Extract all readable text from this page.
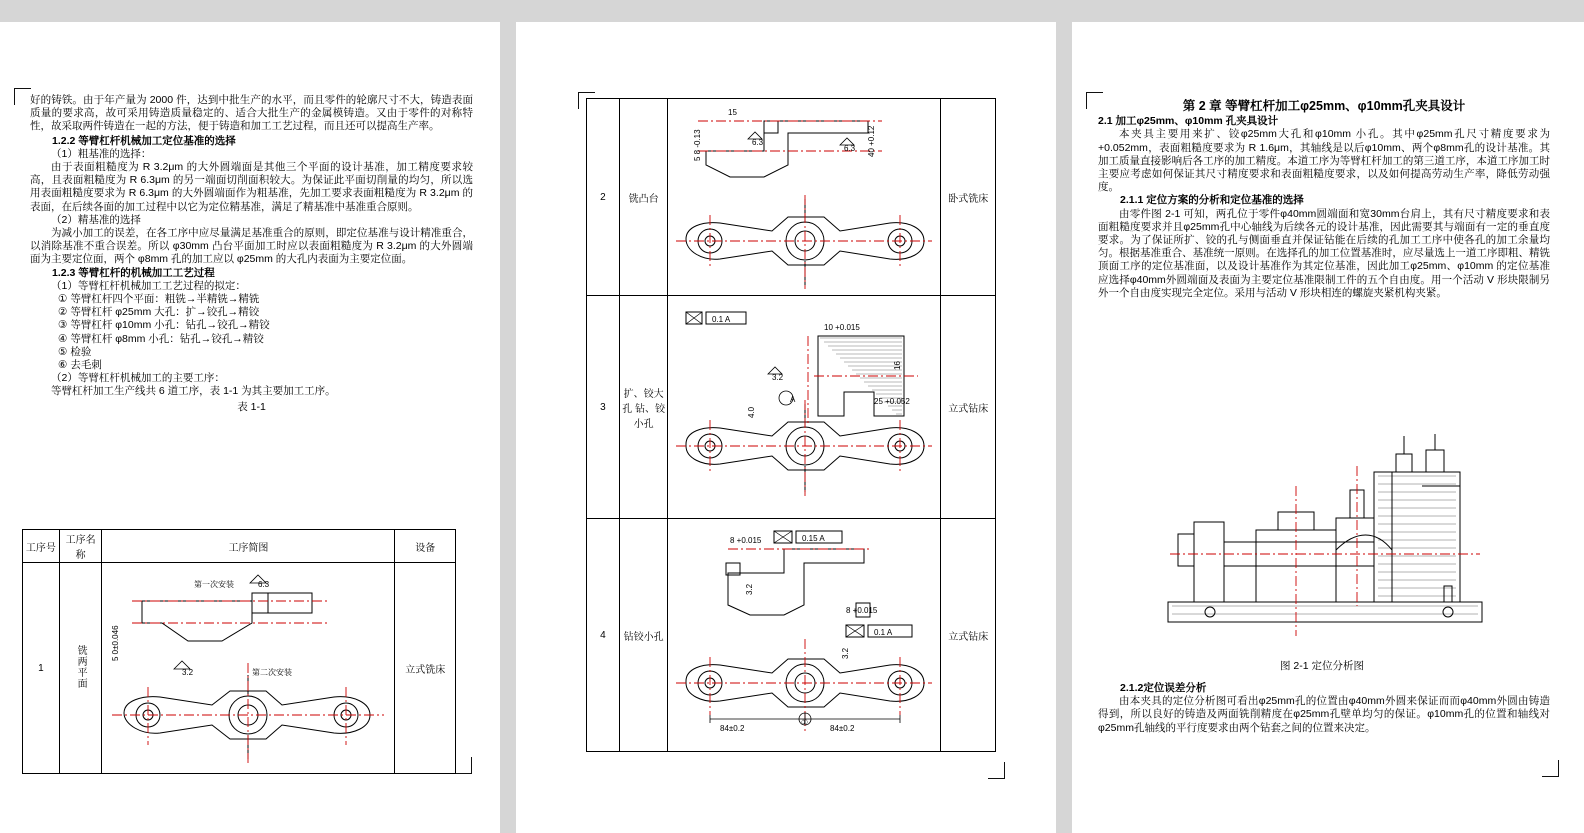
好的铸铁。由于年产量为 2000 件，达到中批生产的水平，而且零件的轮廓尺寸不大，铸造表面质量的要求高，故可采用铸造质量稳定的、适合大批生产的金属模铸造。又由于零件的对称特性，故采取两件铸造在一起的方法，便于铸造和加工工艺过程，而且还可以提高生产率。
1.2.2 等臂杠杆机械加工定位基准的选择
（1）粗基准的选择：
由于表面粗糙度为 R 3.2μm 的大外圆端面是其他三个平面的设计基准，加工精度要求较高，且表面粗糙度为 R 6.3μm 的另一端面切削面积较大。为保证此平面切削量的均匀，所以选用表面粗糙度要求为 R 6.3μm 的大外圆端面作为粗基准，先加工要求表面粗糙度为 R 3.2μm 的表面，在后续各面的加工过程中以它为定位精基准，满足了精基准中基准重合原则。
（2）精基准的选择
为减小加工的误差，在各工序中应尽量满足基准重合的原则，即定位基准与设计精准重合，以消除基准不重合误差。所以 φ30mm 凸台平面加工时应以表面粗糙度为 R 3.2μm 的大外圆端面为主要定位面，两个 φ8mm 孔的加工应以 φ25mm 的大孔内表面为主要定位面。
1.2.3 等臂杠杆的机械加工工艺过程
（1）等臂杠杆机械加工工艺过程的拟定：
① 等臂杠杆四个平面：粗铣→半精铣→精铣
② 等臂杠杆 φ25mm 大孔：扩→铰孔→精铰
③ 等臂杠杆 φ10mm 小孔：钻孔→铰孔→精铰
④ 等臂杠杆 φ8mm 小孔：钻孔→铰孔→精铰
⑤ 检验
⑥ 去毛刺
（2）等臂杠杆机械加工的主要工序：
等臂杠杆加工生产线共 6 道工序，表 1-1 为其主要加工工序。
表 1-1
工序号	工序名称	工序简图	设备
1	铣两平面	第一次安装 6.3
5 0±0.046
3.2 第二次安装	立式铣床
2	铣凸台	15
5 8 -0.13 6.3 40 +0.12
6.3	卧式铣床
3	扩、铰大孔 钻、铰小孔	
0.1 A
10 +0.015
16
3.2
25 +0.052
4.0
A
	立式钻床
4	钻铰小孔	
0.15 A
0.1 A
8 +0.015
3.2
8 +0.015
3.2
84±0.2	84±0.2
①
	立式钻床
第 2 章 等臂杠杆加工φ25mm、φ10mm孔夹具设计
2.1 加工φ25mm、φ10mm 孔夹具设计
本夹具主要用来扩、铰φ25mm大孔和φ10mm 小孔。其中φ25mm孔尺寸精度要求为 +0.052mm，表面粗糙度要求为 R 1.6μm，其轴线是以后φ10mm、两个φ8mm孔的设计基准。其加工质量直接影响后各工序的加工精度。本道工序为等臂杠杆加工的第三道工序，本道工序加工时主要应考虑如何保证其尺寸精度要求和表面粗糙度要求，以及如何提高劳动生产率，降低劳动强度。
2.1.1 定位方案的分析和定位基准的选择
由零件图 2-1 可知，两孔位于零件φ40mm圆端面和宽30mm台肩上，其有尺寸精度要求和表面粗糙度要求并且φ25mm孔中心轴线为后续各元的设计基准，因此需要其与端面有一定的垂直度要求。为了保证所扩、铰的孔与侧面垂直并保证钻能在后续的孔加工工序中使各孔的加工余量均匀。根据基准重合、基准统一原则。在选择孔的加工位置基准时，应尽量选上一道工序即粗、精铣顶面工序的定位基准面，以及设计基准作为其定位基准，因此加工φ25mm、φ10mm 的定位基准应选择φ40mm外圆端面及表面为主要定位基准限制工件的五个自由度。用一个活动 V 形块限制另外一个自由度实现完全定位。采用与活动 V 形块相连的螺旋夹紧机构夹紧。
图 2-1 定位分析图
2.1.2定位误差分析
由本夹具的定位分析图可看出φ25mm孔的位置由φ40mm外圆来保证而而φ40mm外圆由铸造得到，所以良好的铸造及两面铣削精度在φ25mm孔壁单均匀的保证。φ10mm孔的位置和轴线对φ25mm孔轴线的平行度要求由两个钻套之间的位置来决定。
